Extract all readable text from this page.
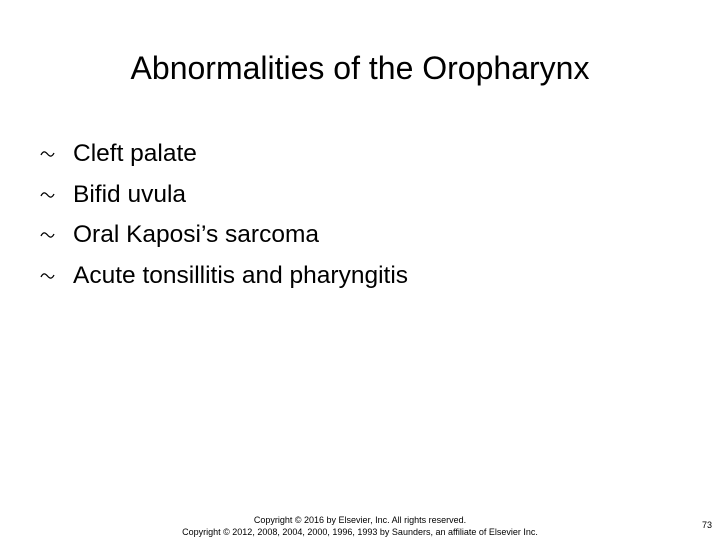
Abnormalities of the Oropharynx
Cleft palate
Bifid uvula
Oral Kaposi’s sarcoma
Acute tonsillitis and pharyngitis
Copyright © 2016 by Elsevier, Inc. All rights reserved.
Copyright © 2012, 2008, 2004, 2000, 1996, 1993 by Saunders, an affiliate of Elsevier Inc.
73
